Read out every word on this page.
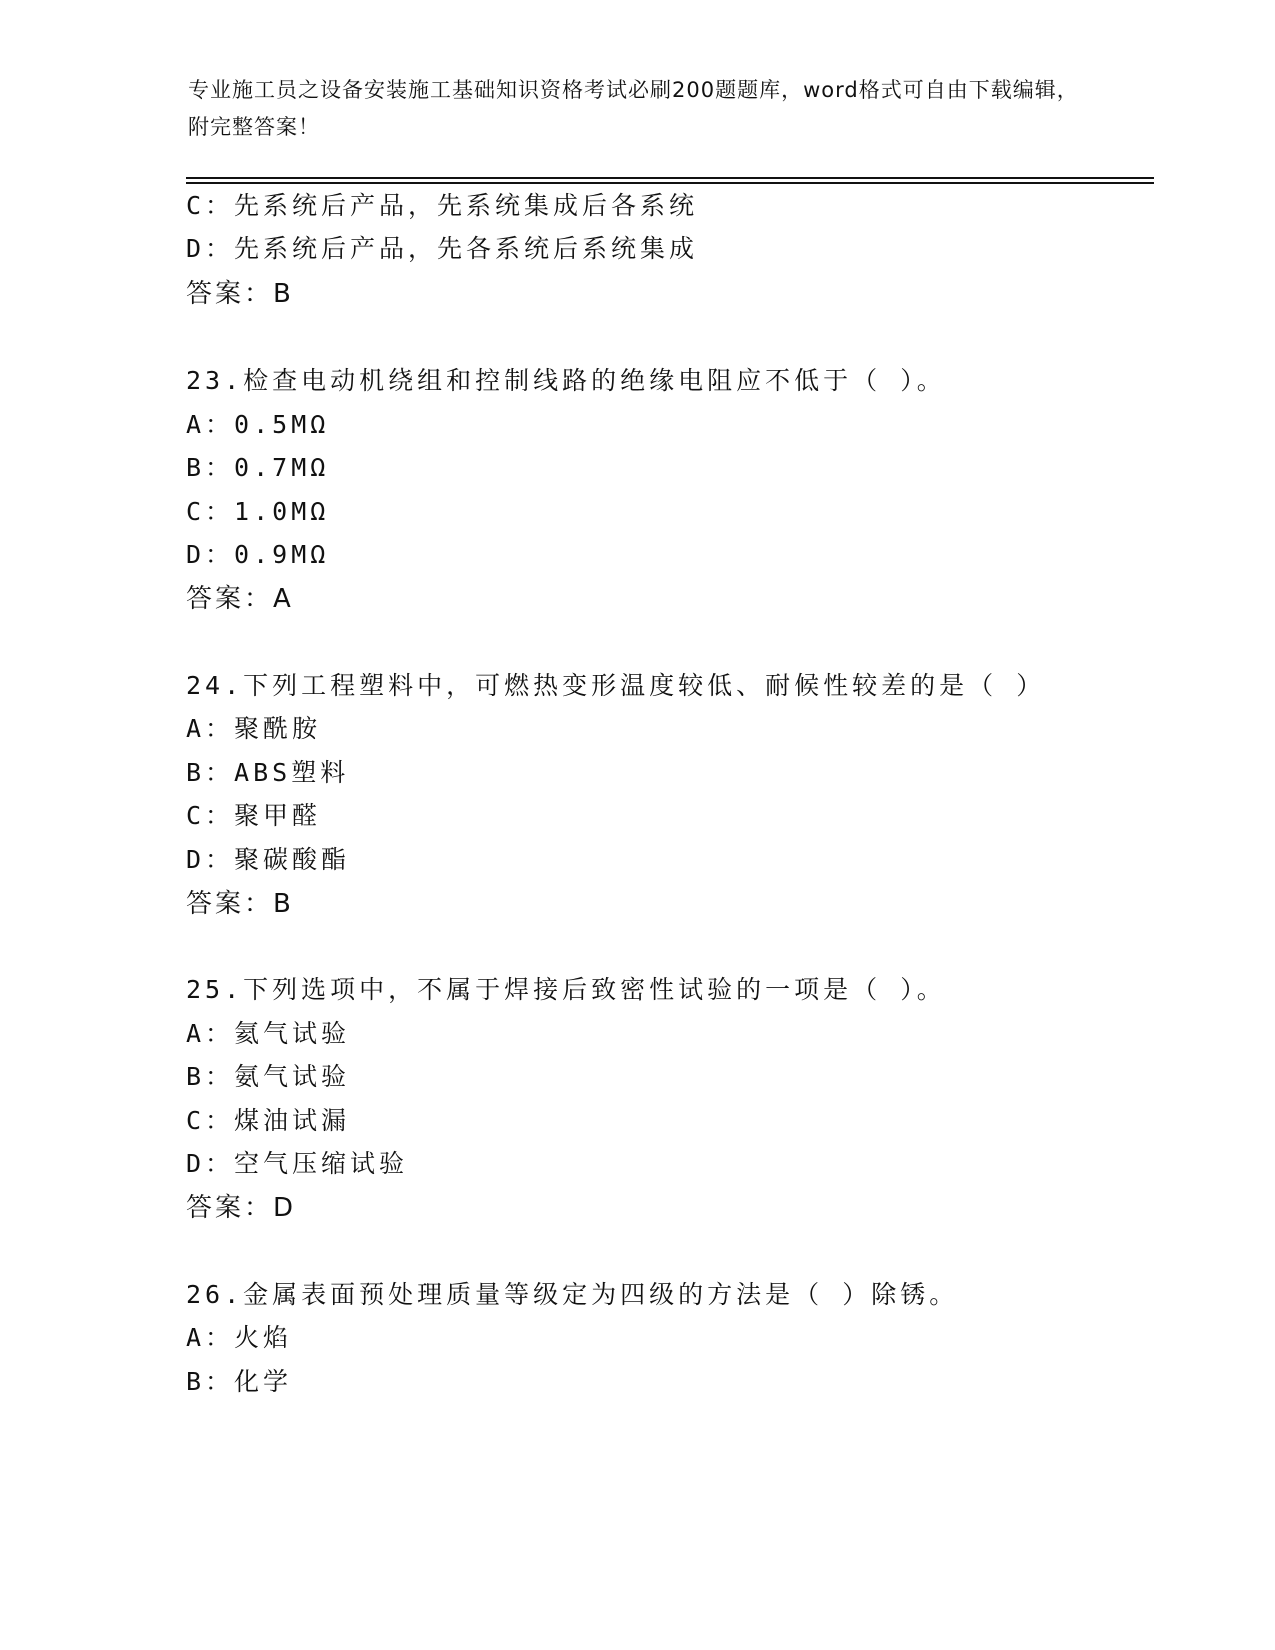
专业施工员之设备安装施工基础知识资格考试必刷200题题库，word格式可自由下载编辑，附完整答案！
C：先系统后产品，先系统集成后各系统
D：先系统后产品，先各系统后系统集成
答案：B
23.检查电动机绕组和控制线路的绝缘电阻应不低于（ ）。
A：0.5MΩ
B：0.7MΩ
C：1.0MΩ
D：0.9MΩ
答案：A
24.下列工程塑料中，可燃热变形温度较低、耐候性较差的是（ ）
A：聚酰胺
B：ABS塑料
C：聚甲醛
D：聚碳酸酯
答案：B
25.下列选项中，不属于焊接后致密性试验的一项是（ ）。
A：氦气试验
B：氨气试验
C：煤油试漏
D：空气压缩试验
答案：D
26.金属表面预处理质量等级定为四级的方法是（ ）除锈。
A：火焰
B：化学
